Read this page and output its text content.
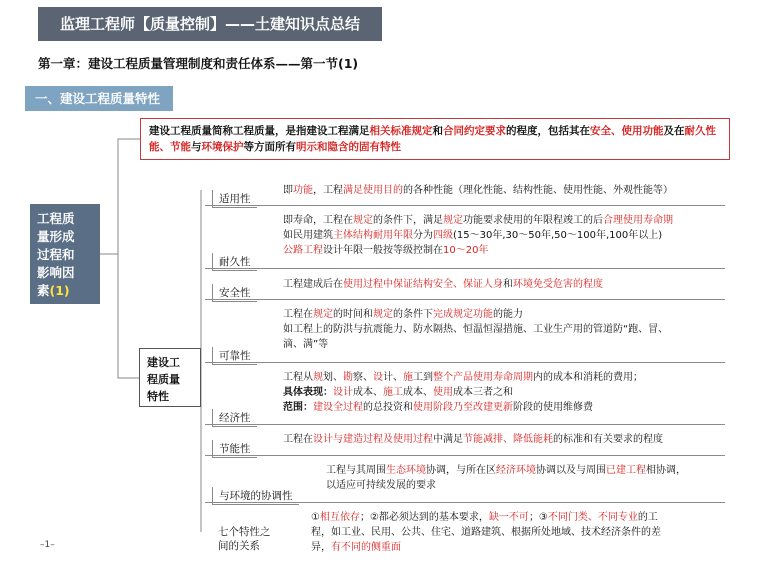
监理工程师【质量控制】——土建知识点总结
第一章：建设工程质量管理制度和责任体系——第一节(1)
一、建设工程质量特性
建设工程质量简称工程质量，是指建设工程满足相关标准规定和合同约定要求的程度，包括其在安全、使用功能及在耐久性能、节能与环境保护等方面所有明示和隐含的固有特性
工程质
量形成
过程和
影响因
素(1)
建设工
程质量
特性
适用性
即功能，工程满足使用目的的各种性能（理化性能、结构性能、使用性能、外观性能等）
即寿命，工程在规定的条件下，满足规定功能要求使用的年限程竣工的后合理使用寿命期
如民用建筑主体结构耐用年限分为四级(15～30年,30～50年,50～100年,100年以上)
公路工程设计年限一般按等级控制在10～20年
耐久性
工程建成后在使用过程中保证结构安全、保证人身和环境免受危害的程度
安全性
工程在规定的时间和规定的条件下完成规定功能的能力
如工程上的防洪与抗震能力、防水隔热、恒温恒湿措施、工业生产用的管道防“跑、冒、
滴、满”等
可靠性
工程从规划、勘察、设计、施工到整个产品使用寿命周期内的成本和消耗的费用；
具体表现：设计成本、施工成本、使用成本三者之和
范围：建设全过程的总投资和使用阶段乃至改建更新阶段的使用维修费
经济性
工程在设计与建造过程及使用过程中满足节能减排、降低能耗的标准和有关要求的程度
节能性
工程与其周围生态环境协调，与所在区经济环境协调以及与周围已建工程相协调，
以适应可持续发展的要求
与环境的协调性
七个特性之
间的关系
①相互依存；②都必须达到的基本要求，缺一不可；③不同门类、不同专业的工
程，如工业、民用、公共、住宅、道路建筑、根据所处地域、技术经济条件的差
异，有不同的侧重面
–1–
